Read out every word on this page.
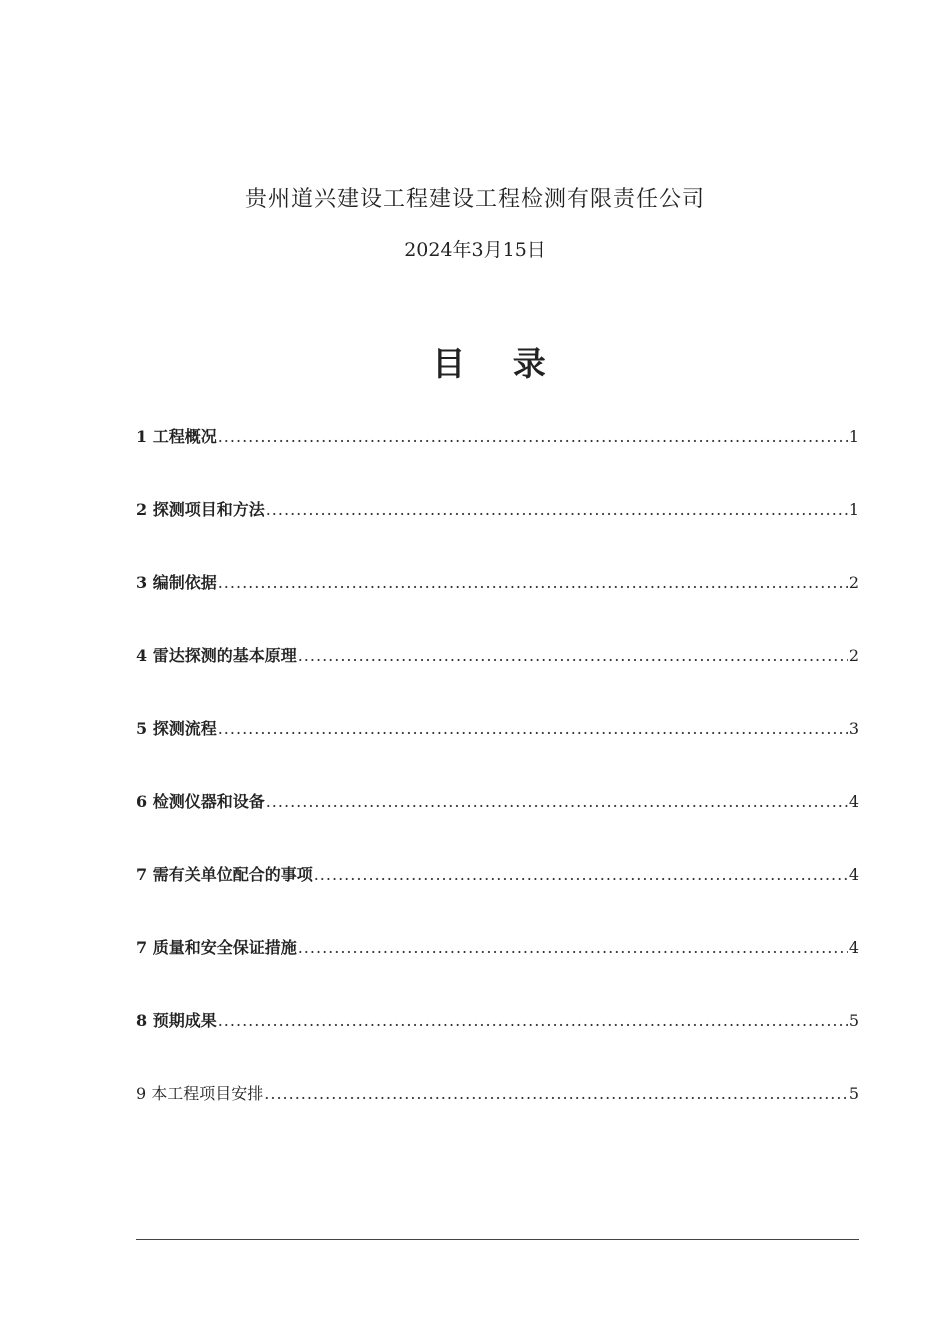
贵州道兴建设工程建设工程检测有限责任公司
2024年3月15日
目 录
1 工程概况 .....	1
2 探测项目和方法 .....	1
3 编制依据 .....	2
4 雷达探测的基本原理 .....	2
5 探测流程 .....	3
6 检测仪器和设备 .....	4
7 需有关单位配合的事项 .....	4
7 质量和安全保证措施 .....	4
8 预期成果 .....	5
9 本工程项目安排 .....	5
